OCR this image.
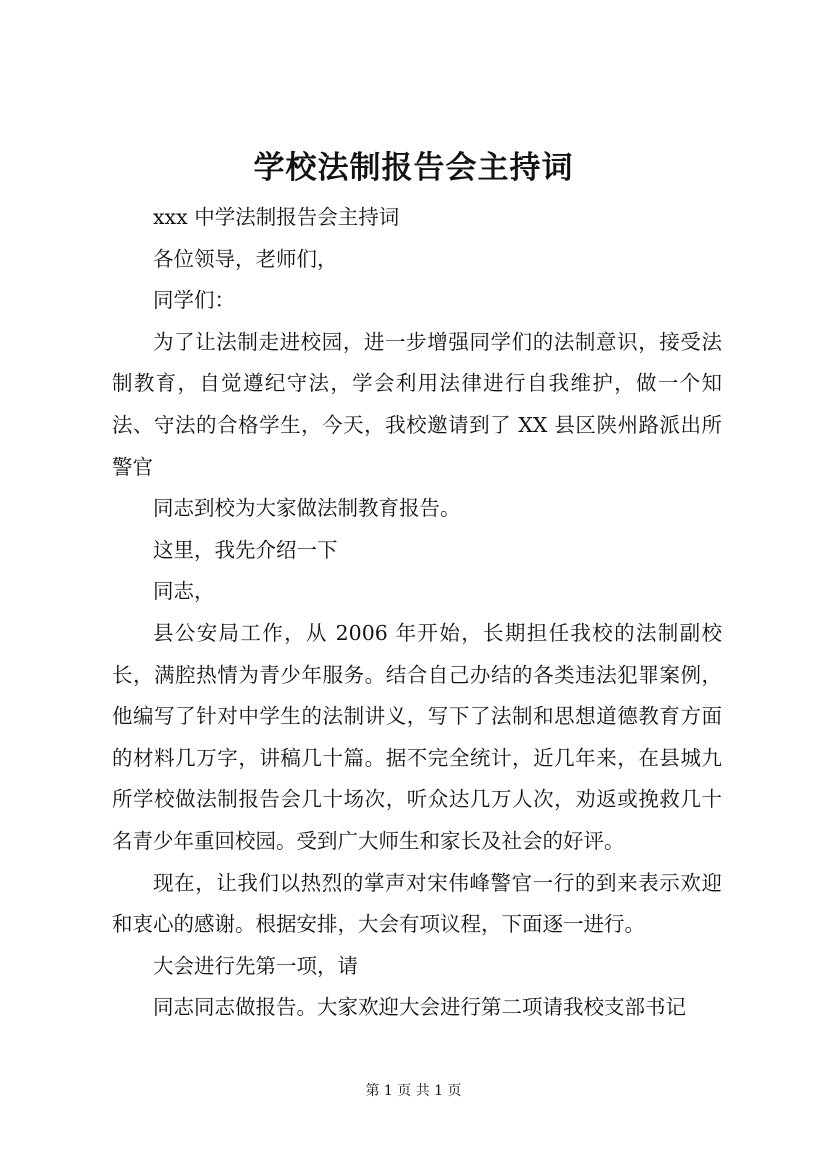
学校法制报告会主持词

xxx 中学法制报告会主持词

各位领导，老师们，

同学们：

为了让法制走进校园，进一步增强同学们的法制意识，接受法制教育，自觉遵纪守法，学会利用法律进行自我维护，做一个知法、守法的合格学生，今天，我校邀请到了 XX 县区陕州路派出所警官

同志到校为大家做法制教育报告。

这里，我先介绍一下

同志，

县公安局工作，从 2006 年开始，长期担任我校的法制副校长，满腔热情为青少年服务。结合自己办结的各类违法犯罪案例，他编写了针对中学生的法制讲义，写下了法制和思想道德教育方面的材料几万字，讲稿几十篇。据不完全统计，近几年来，在县城九所学校做法制报告会几十场次，听众达几万人次，劝返或挽救几十名青少年重回校园。受到广大师生和家长及社会的好评。

现在，让我们以热烈的掌声对宋伟峰警官一行的到来表示欢迎和衷心的感谢。根据安排，大会有项议程，下面逐一进行。

大会进行先第一项，请

同志同志做报告。大家欢迎大会进行第二项请我校支部书记

第 1 页 共 1 页
